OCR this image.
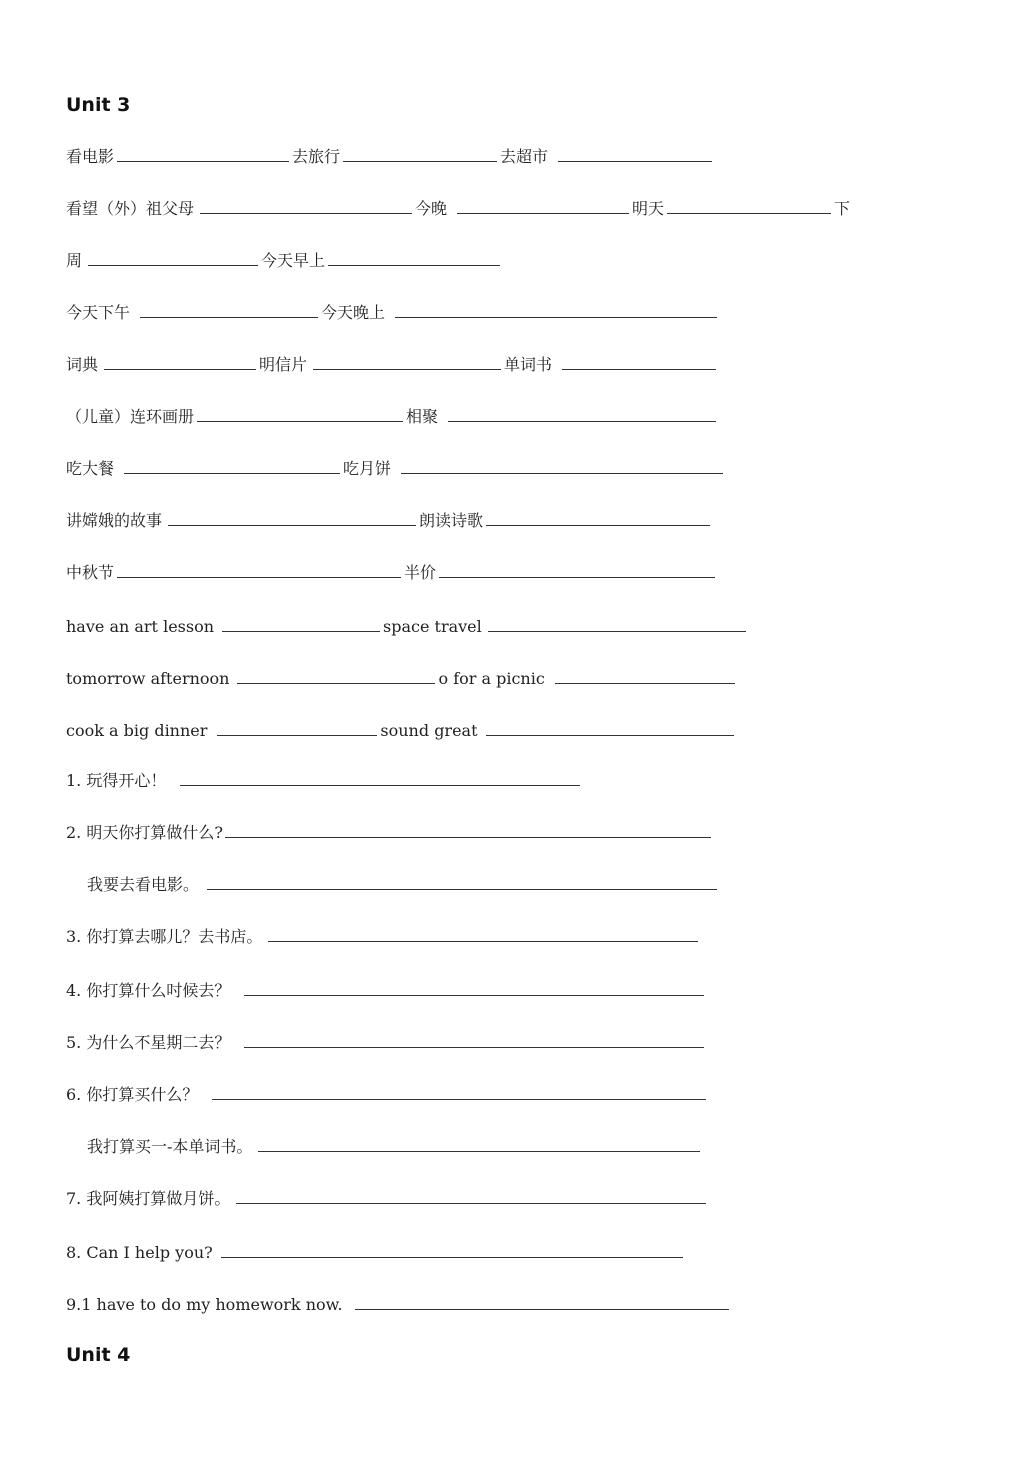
Unit 3
看电影	去旅行	去超市
看望（外）祖父母	今晚	明天	下
周	今天早上
今天下午	今天晚上
词典	明信片	单词书
（儿童）连环画册	相聚
吃大餐	吃月饼
讲嫦娥的故事	朗读诗歌
中秋节	半价
have an art lesson	space travel
tomorrow afternoon	o for a picnic
cook a big dinner	sound great
1. 玩得开心！
2. 明天你打算做什么?
我要去看电影。
3. 你打算去哪儿？去书店。
4. 你打算什么吋候去？
5. 为什么不星期二去？
6. 你打算买什么？
我打算买一-本单词书。
7. 我阿姨打算做月饼。
8. Can I help you?
9.1 have to do my homework now.
Unit 4
